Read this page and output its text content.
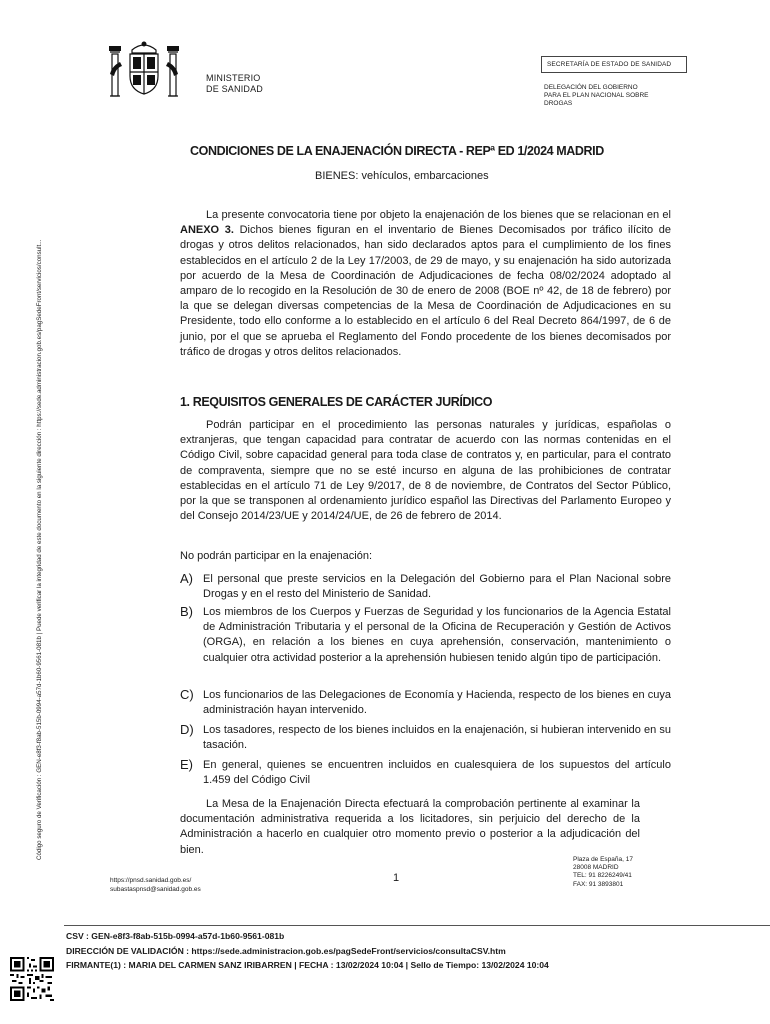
Código seguro de Verificación : GEN-e8f3-f8ab-515b-0994-a57d-1b60-9561-081b | Puede verificar la integridad de este documento en la siguiente dirección : https://sede.administracion.gob.es/pagSedeFront/servicios/consult...
MINISTERIO
DE SANIDAD
SECRETARÍA DE ESTADO DE SANIDAD
DELEGACIÓN DEL GOBIERNO
PARA EL PLAN NACIONAL SOBRE
DROGAS
CONDICIONES DE LA ENAJENACIÓN DIRECTA - REPª ED 1/2024 MADRID
BIENES: vehículos, embarcaciones
La presente convocatoria tiene por objeto la enajenación de los bienes que se relacionan en el ANEXO 3. Dichos bienes figuran en el inventario de Bienes Decomisados por tráfico ilícito de drogas y otros delitos relacionados, han sido declarados aptos para el cumplimiento de los fines establecidos en el artículo 2 de la Ley 17/2003, de 29 de mayo, y su enajenación ha sido autorizada por acuerdo de la Mesa de Coordinación de Adjudicaciones de fecha 08/02/2024 adoptado al amparo de lo recogido en la Resolución de 30 de enero de 2008 (BOE nº 42, de 18 de febrero) por la que se delegan diversas competencias de la Mesa de Coordinación de Adjudicaciones en su Presidente, todo ello conforme a lo establecido en el artículo 6 del Real Decreto 864/1997, de 6 de junio, por el que se aprueba el Reglamento del Fondo procedente de los bienes decomisados por tráfico de drogas y otros delitos relacionados.
1. REQUISITOS GENERALES DE CARÁCTER JURÍDICO
Podrán participar en el procedimiento las personas naturales y jurídicas, españolas o extranjeras, que tengan capacidad para contratar de acuerdo con las normas contenidas en el Código Civil, sobre capacidad general para toda clase de contratos y, en particular, para el contrato de compraventa, siempre que no se esté incurso en alguna de las prohibiciones de contratar establecidas en el artículo 71 de Ley 9/2017, de 8 de noviembre, de Contratos del Sector Público, por la que se transponen al ordenamiento jurídico español las Directivas del Parlamento Europeo y del Consejo 2014/23/UE y 2014/24/UE, de 26 de febrero de 2014.
No podrán participar en la enajenación:
A) El personal que preste servicios en la Delegación del Gobierno para el Plan Nacional sobre Drogas y en el resto del Ministerio de Sanidad.
B) Los miembros de los Cuerpos y Fuerzas de Seguridad y los funcionarios de la Agencia Estatal de Administración Tributaria y el personal de la Oficina de Recuperación y Gestión de Activos (ORGA), en relación a los bienes en cuya aprehensión, conservación, mantenimiento o cualquier otra actividad posterior a la aprehensión hubiesen tenido algún tipo de participación.
C) Los funcionarios de las Delegaciones de Economía y Hacienda, respecto de los bienes en cuya administración hayan intervenido.
D) Los tasadores, respecto de los bienes incluidos en la enajenación, si hubieran intervenido en su tasación.
E) En general, quienes se encuentren incluidos en cualesquiera de los supuestos del artículo 1.459 del Código Civil
La Mesa de la Enajenación Directa efectuará la comprobación pertinente al examinar la documentación administrativa requerida a los licitadores, sin perjuicio del derecho de la Administración a hacerlo en cualquier otro momento previo o posterior a la adjudicación del bien.
https://pnsd.sanidad.gob.es/
subastaspnsd@sanidad.gob.es
1
Plaza de España, 17
28008 MADRID
TEL: 91 8226249/41
FAX: 91 3893801
CSV : GEN-e8f3-f8ab-515b-0994-a57d-1b60-9561-081b
DIRECCIÓN DE VALIDACIÓN : https://sede.administracion.gob.es/pagSedeFront/servicios/consultaCSV.htm
FIRMANTE(1) : MARIA DEL CARMEN SANZ IRIBARREN | FECHA : 13/02/2024 10:04 | Sello de Tiempo: 13/02/2024 10:04
